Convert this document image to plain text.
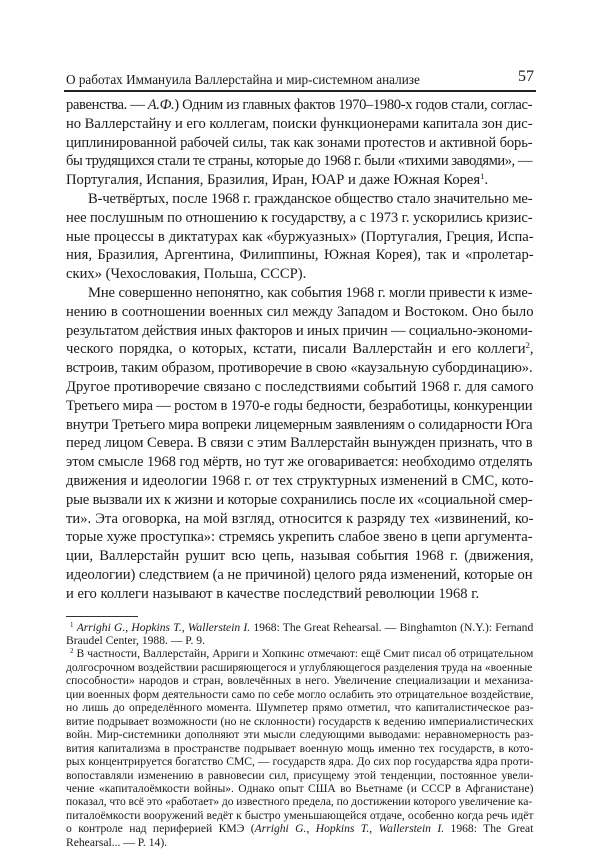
О работах Иммануила Валлерстайна и мир-системном анализе	57
равенства. — А.Ф.) Одним из главных фактов 1970–1980-х годов стали, соглас-
но Валлерстайну и его коллегам, поиски функционерами капитала зон дис-
циплинированной рабочей силы, так как зонами протестов и активной борь-
бы трудящихся стали те страны, которые до 1968 г. были «тихими заводями», —
Португалия, Испания, Бразилия, Иран, ЮАР и даже Южная Корея$^1$.
В-четвёртых, после 1968 г. гражданское общество стало значительно ме-
нее послушным по отношению к государству, а с 1973 г. ускорились кризис-
ные процессы в диктатурах как «буржуазных» (Португалия, Греция, Испа-
ния, Бразилия, Аргентина, Филиппины, Южная Корея), так и «пролетар-
ских» (Чехословакия, Польша, СССР).
Мне совершенно непонятно, как события 1968 г. могли привести к изме-
нению в соотношении военных сил между Западом и Востоком. Оно было
результатом действия иных факторов и иных причин — социально-экономи-
ческого порядка, о которых, кстати, писали Валлерстайн и его коллеги$^2$,
встроив, таким образом, противоречие в свою «каузальную субординацию».
Другое противоречие связано с последствиями событий 1968 г. для самого
Третьего мира — ростом в 1970-е годы бедности, безработицы, конкуренции
внутри Третьего мира вопреки лицемерным заявлениям о солидарности Юга
перед лицом Севера. В связи с этим Валлерстайн вынужден признать, что в
этом смысле 1968 год мёртв, но тут же оговаривается: необходимо отделять
движения и идеологии 1968 г. от тех структурных изменений в СМС, кото-
рые вызвали их к жизни и которые сохранились после их «социальной смер-
ти». Эта оговорка, на мой взгляд, относится к разряду тех «извинений, ко-
торые хуже проступка»: стремясь укрепить слабое звено в цепи аргумента-
ции, Валлерстайн рушит всю цепь, называя события 1968 г. (движения,
идеологии) следствием (а не причиной) целого ряда изменений, которые он
и его коллеги называют в качестве последствий революции 1968 г.
$^1$ Arrighi G., Hopkins T., Wallerstein I. 1968: The Great Rehearsal. — Binghamton (N.Y.): Fernand
Braudel Center, 1988. — P. 9.
$^2$ В частности, Валлерстайн, Арриги и Хопкинс отмечают: ещё Смит писал об отрицательном
долгосрочном воздействии расширяющегося и углубляющегося разделения труда на «военные
способности» народов и стран, вовлечённых в него. Увеличение специализации и механиза-
ции военных форм деятельности само по себе могло ослабить это отрицательное воздействие,
но лишь до определённого момента. Шумпетер прямо отметил, что капиталистическое раз-
витие подрывает возможности (но не склонности) государств к ведению империалистических
войн. Мир-системники дополняют эти мысли следующими выводами: неравномерность раз-
вития капитализма в пространстве подрывает военную мощь именно тех государств, в кото-
рых концентрируется богатство СМС, — государств ядра. До сих пор государства ядра проти-
вопоставляли изменению в равновесии сил, присущему этой тенденции, постоянное увели-
чение «капиталоёмкости войны». Однако опыт США во Вьетнаме (и СССР в Афганистане)
показал, что всё это «работает» до известного предела, по достижении которого увеличение ка-
питалоёмкости вооружений ведёт к быстро уменьшающейся отдаче, особенно когда речь идёт
о контроле над периферией КМЭ (Arrighi G., Hopkins T., Wallerstein I. 1968: The Great
Rehearsal... — P. 14).
